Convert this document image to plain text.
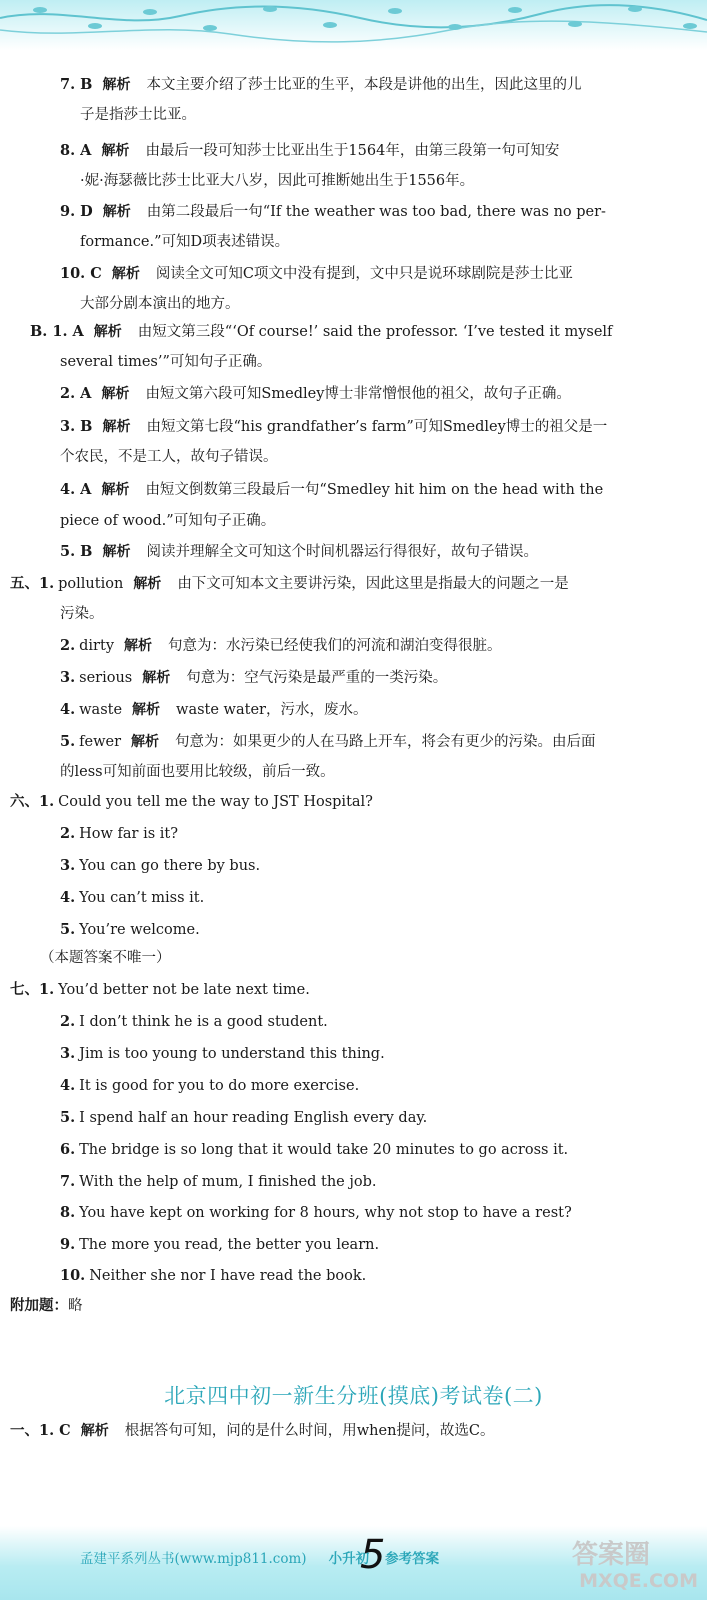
7. B 解析 本文主要介绍了莎士比亚的生平，本段是讲他的出生，因此这里的儿
子是指莎士比亚。
8. A 解析 由最后一段可知莎士比亚出生于1564年，由第三段第一句可知安
·妮·海瑟薇比莎士比亚大八岁，因此可推断她出生于1556年。
9. D 解析 由第二段最后一句“If the weather was too bad, there was no per-
formance.”可知D项表述错误。
10. C 解析 阅读全文可知C项文中没有提到，文中只是说环球剧院是莎士比亚
大部分剧本演出的地方。
B. 1. A 解析 由短文第三段“‘Of course!’ said the professor. ‘I’ve tested it myself
several times’”可知句子正确。
2. A 解析 由短文第六段可知Smedley博士非常憎恨他的祖父，故句子正确。
3. B 解析 由短文第七段“his grandfather’s farm”可知Smedley博士的祖父是一
个农民，不是工人，故句子错误。
4. A 解析 由短文倒数第三段最后一句“Smedley hit him on the head with the
piece of wood.”可知句子正确。
5. B 解析 阅读并理解全文可知这个时间机器运行得很好，故句子错误。
五、1. pollution 解析 由下文可知本文主要讲污染，因此这里是指最大的问题之一是
污染。
2. dirty 解析 句意为：水污染已经使我们的河流和湖泊变得很脏。
3. serious 解析 句意为：空气污染是最严重的一类污染。
4. waste 解析 waste water，污水，废水。
5. fewer 解析 句意为：如果更少的人在马路上开车，将会有更少的污染。由后面
的less可知前面也要用比较级，前后一致。
六、1. Could you tell me the way to JST Hospital?
2. How far is it?
3. You can go there by bus.
4. You can’t miss it.
5. You’re welcome.
（本题答案不唯一）
七、1. You’d better not be late next time.
2. I don’t think he is a good student.
3. Jim is too young to understand this thing.
4. It is good for you to do more exercise.
5. I spend half an hour reading English every day.
6. The bridge is so long that it would take 20 minutes to go across it.
7. With the help of mum, I finished the job.
8. You have kept on working for 8 hours, why not stop to have a rest?
9. The more you read, the better you learn.
10. Neither she nor I have read the book.
附加题：略
北京四中初一新生分班(摸底)考试卷(二)
一、1. C 解析 根据答句可知，问的是什么时间，用when提问，故选C。
孟建平系列丛书(www.mjp811.com) 小升初 参考答案
5	答案圈
MXQE.COM
